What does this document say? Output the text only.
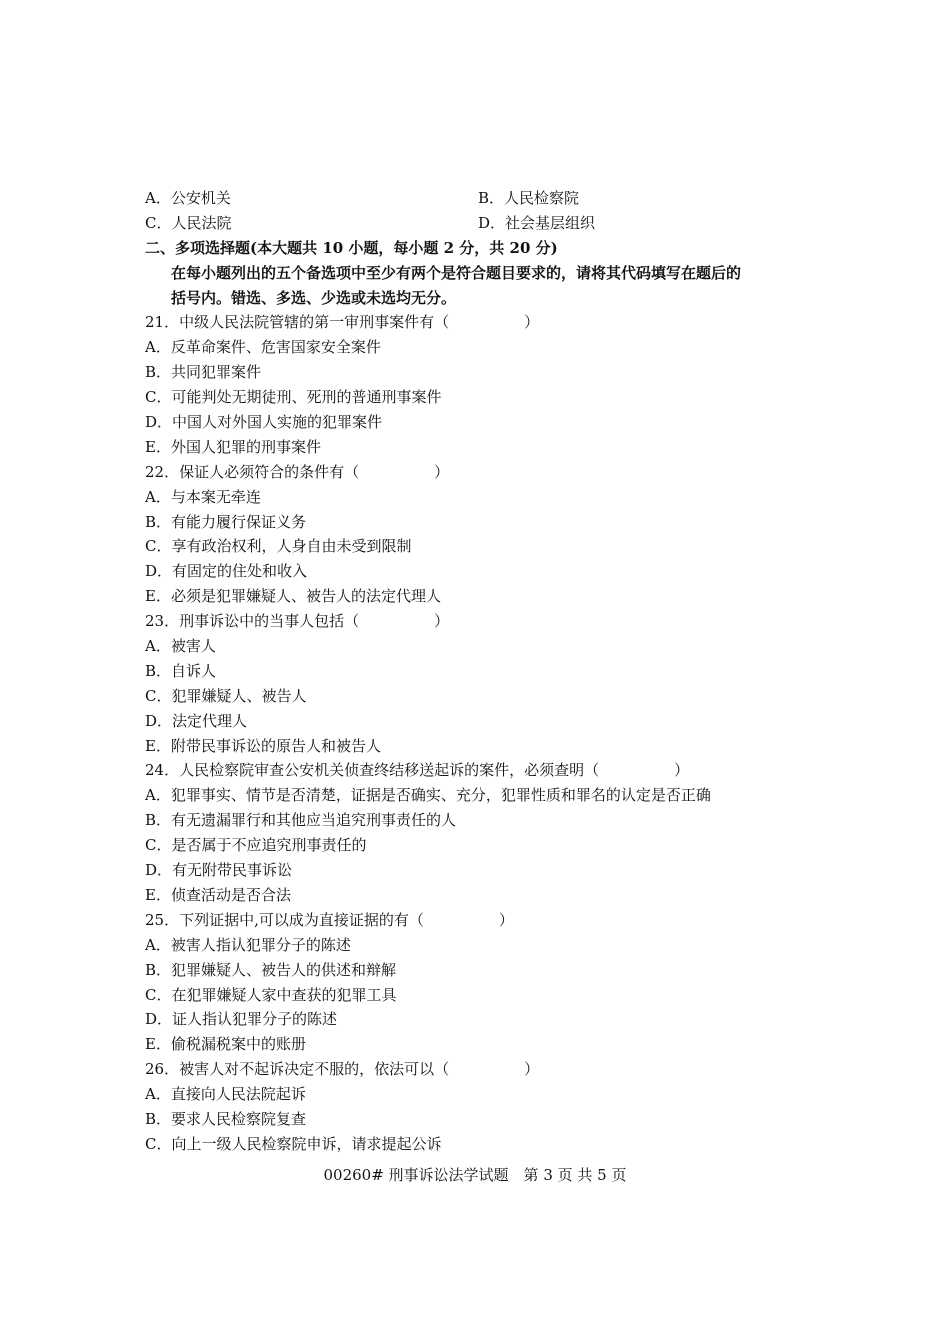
A．公安机关	B．人民检察院
C．人民法院	D．社会基层组织
二、多项选择题(本大题共 10 小题，每小题 2 分，共 20 分)
在每小题列出的五个备选项中至少有两个是符合题目要求的，请将其代码填写在题后的
括号内。错选、多选、少选或未选均无分。
21．中级人民法院管辖的第一审刑事案件有（　　　　　）
A．反革命案件、危害国家安全案件
B．共同犯罪案件
C．可能判处无期徒刑、死刑的普通刑事案件
D．中国人对外国人实施的犯罪案件
E．外国人犯罪的刑事案件
22．保证人必须符合的条件有（　　　　　）
A．与本案无牵连
B．有能力履行保证义务
C．享有政治权利，人身自由未受到限制
D．有固定的住处和收入
E．必须是犯罪嫌疑人、被告人的法定代理人
23．刑事诉讼中的当事人包括（　　　　　）
A．被害人
B．自诉人
C．犯罪嫌疑人、被告人
D．法定代理人
E．附带民事诉讼的原告人和被告人
24．人民检察院审查公安机关侦查终结移送起诉的案件，必须查明（　　　　　）
A．犯罪事实、情节是否清楚，证据是否确实、充分，犯罪性质和罪名的认定是否正确
B．有无遗漏罪行和其他应当追究刑事责任的人
C．是否属于不应追究刑事责任的
D．有无附带民事诉讼
E．侦查活动是否合法
25．下列证据中,可以成为直接证据的有（　　　　　）
A．被害人指认犯罪分子的陈述
B．犯罪嫌疑人、被告人的供述和辩解
C．在犯罪嫌疑人家中查获的犯罪工具
D．证人指认犯罪分子的陈述
E．偷税漏税案中的账册
26．被害人对不起诉决定不服的，依法可以（　　　　　）
A．直接向人民法院起诉
B．要求人民检察院复查
C．向上一级人民检察院申诉，请求提起公诉
00260# 刑事诉讼法学试题　第 3 页 共 5 页
